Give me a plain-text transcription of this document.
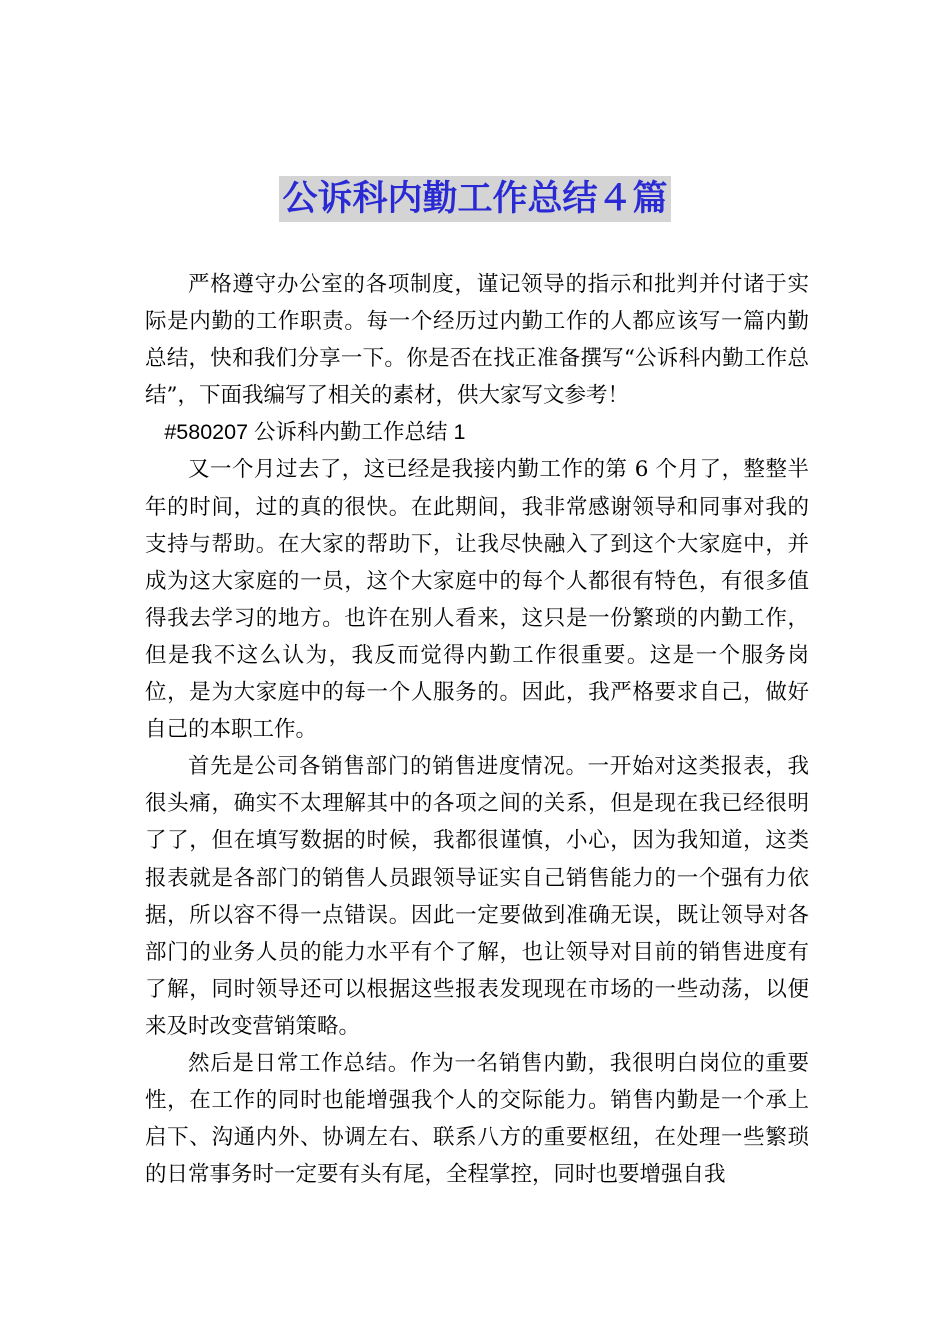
公诉科内勤工作总结４篇

严格遵守办公室的各项制度，谨记领导的指示和批判并付诸于实际是内勤的工作职责。每一个经历过内勤工作的人都应该写一篇内勤总结，快和我们分享一下。你是否在找正准备撰写“公诉科内勤工作总结”，下面我编写了相关的素材，供大家写文参考！

#580207 公诉科内勤工作总结 1

又一个月过去了，这已经是我接内勤工作的第 6 个月了，整整半年的时间，过的真的很快。在此期间，我非常感谢领导和同事对我的支持与帮助。在大家的帮助下，让我尽快融入了到这个大家庭中，并成为这大家庭的一员，这个大家庭中的每个人都很有特色，有很多值得我去学习的地方。也许在别人看来，这只是一份繁琐的内勤工作，但是我不这么认为，我反而觉得内勤工作很重要。这是一个服务岗位，是为大家庭中的每一个人服务的。因此，我严格要求自己，做好自己的本职工作。

首先是公司各销售部门的销售进度情况。一开始对这类报表，我很头痛，确实不太理解其中的各项之间的关系，但是现在我已经很明了了，但在填写数据的时候，我都很谨慎，小心，因为我知道，这类报表就是各部门的销售人员跟领导证实自己销售能力的一个强有力依据，所以容不得一点错误。因此一定要做到准确无误，既让领导对各部门的业务人员的能力水平有个了解，也让领导对目前的销售进度有了解，同时领导还可以根据这些报表发现现在市场的一些动荡，以便来及时改变营销策略。

然后是日常工作总结。作为一名销售内勤，我很明白岗位的重要性，在工作的同时也能增强我个人的交际能力。销售内勤是一个承上启下、沟通内外、协调左右、联系八方的重要枢纽，在处理一些繁琐的日常事务时一定要有头有尾，全程掌控，同时也要增强自我
